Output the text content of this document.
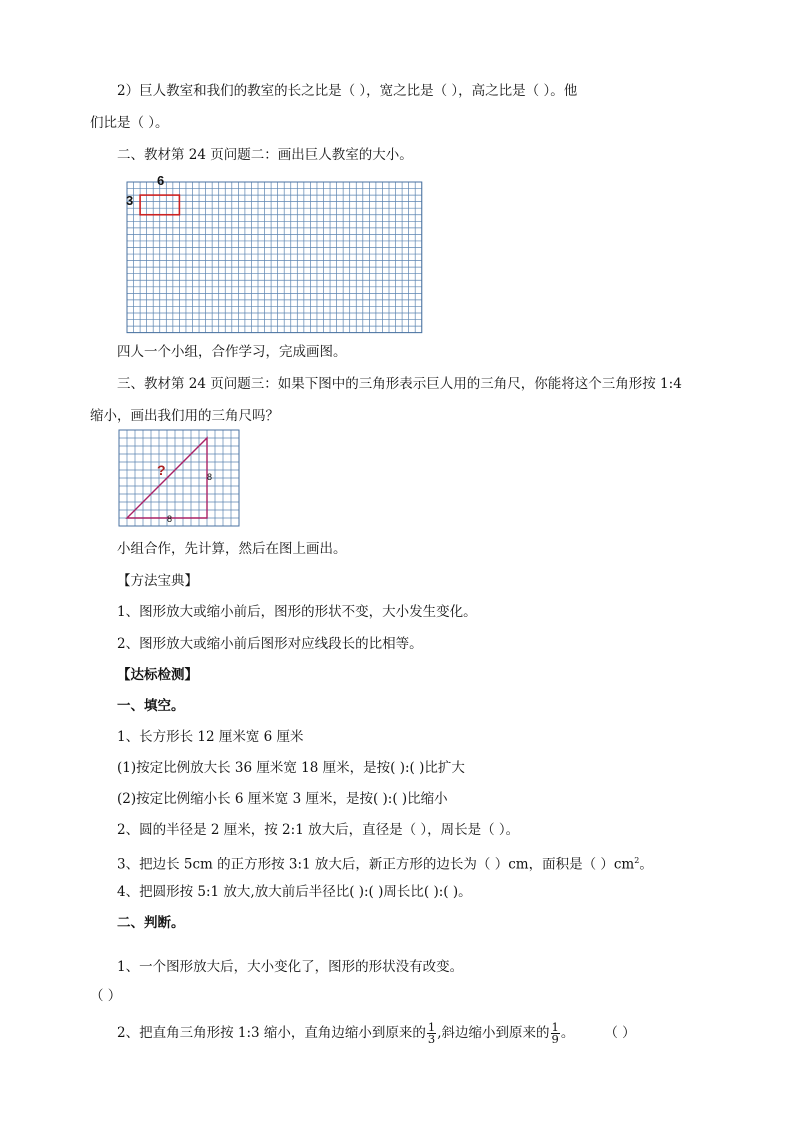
2）巨人教室和我们的教室的长之比是（ ），宽之比是（ ），高之比是（ ）。他
们比是（ ）。
二、教材第 24 页问题二：画出巨人教室的大小。
6
3
四人一个小组，合作学习，完成画图。
三、教材第 24 页问题三：如果下图中的三角形表示巨人用的三角尺，你能将这个三角形按 1:4
缩小，画出我们用的三角尺吗？
?	8
8
小组合作，先计算，然后在图上画出。
【方法宝典】
1、图形放大或缩小前后，图形的形状不变，大小发生变化。
2、图形放大或缩小前后图形对应线段长的比相等。
【达标检测】
一、填空。
1、长方形长 12 厘米宽 6 厘米
(1)按定比例放大长 36 厘米宽 18 厘米，是按( ):( )比扩大
(2)按定比例缩小长 6 厘米宽 3 厘米，是按( ):( )比缩小
2、圆的半径是 2 厘米，按 2:1 放大后，直径是（ ），周长是（ ）。
3、把边长 5cm 的正方形按 3:1 放大后，新正方形的边长为（ ）cm，面积是（ ）$cm^2$。
4、把圆形按 5:1 放大,放大前后半径比( ):( )周长比( ):( )。
二、判断。
1、一个图形放大后，大小变化了，图形的形状没有改变。
（ ）
2、把直角三角形按 1:3 缩小，直角边缩小到原来的 $\frac{1}{3}$ ,斜边缩小到原来的 $\frac{1}{9}$ 。 （ ）
